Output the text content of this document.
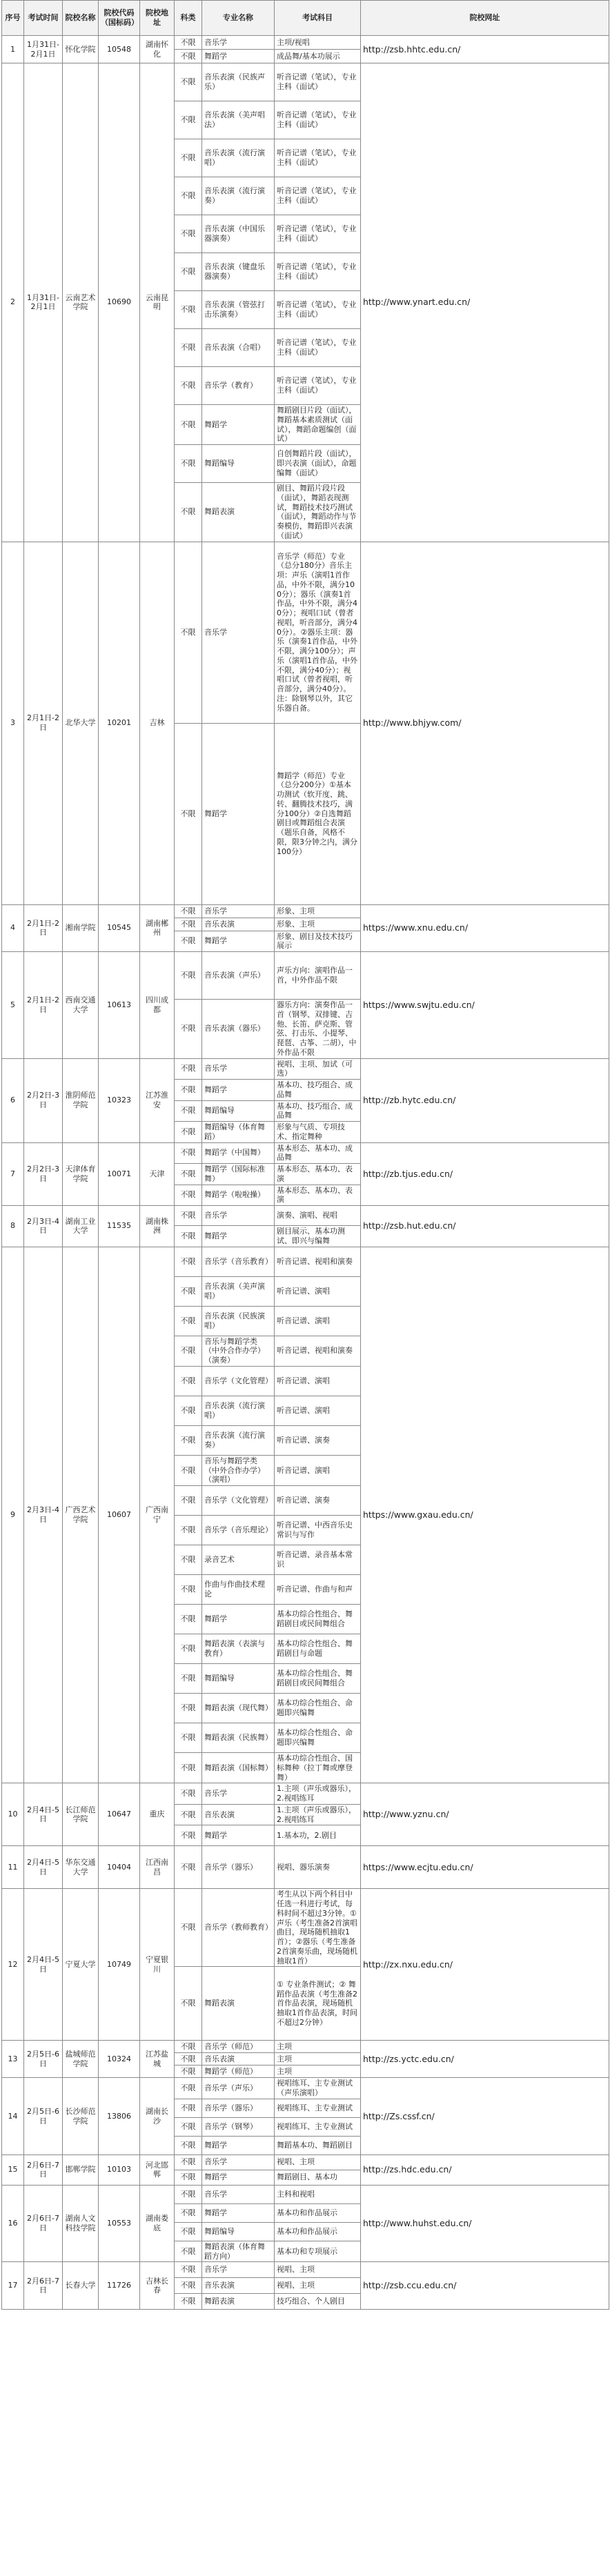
序号	考试时间	院校名称	院校代码（国标码）	院校地址	科类	专业名称	考试科目	院校网址
1	1月31日-2月1日	怀化学院	10548	湖南怀化	不限	音乐学	主项/视唱	http://zsb.hhtc.edu.cn/
					不限	舞蹈学	成品舞/基本功展示	
2	1月31日-2月1日	云南艺术学院	10690	云南昆明	不限	音乐表演（民族声乐）	听音记谱（笔试），专业主科（面试）	http://www.ynart.edu.cn/
					不限	音乐表演（美声唱法）	听音记谱（笔试），专业主科（面试）	
					不限	音乐表演（流行演唱）	听音记谱（笔试），专业主科（面试）	
					不限	音乐表演（流行演奏）	听音记谱（笔试），专业主科（面试）	
					不限	音乐表演（中国乐器演奏）	听音记谱（笔试），专业主科（面试）	
					不限	音乐表演（键盘乐器演奏）	听音记谱（笔试），专业主科（面试）	
					不限	音乐表演（管弦打击乐演奏）	听音记谱（笔试），专业主科（面试）	
					不限	音乐表演（合唱）	听音记谱（笔试），专业主科（面试）	
					不限	音乐学（教育）	听音记谱（笔试），专业主科（面试）	
					不限	舞蹈学	舞蹈剧目片段（面试），舞蹈基本素质测试（面试），舞蹈命题编创（面试）	
					不限	舞蹈编导	自创舞蹈片段（面试），即兴表演（面试），命题编舞（面试）	
					不限	舞蹈表演	剧目、舞蹈片段片段（面试），舞蹈表现测试，舞蹈技术技巧测试（面试），舞蹈动作与节奏模仿，舞蹈即兴表演（面试）	
3	2月1日-2日	北华大学	10201	吉林	不限	音乐学	音乐学（师范）专业（总分180分）音乐主项：声乐（演唱1首作品，中外不限，满分100分）；器乐（演奏1首作品，中外不限，满分40分）；视唱口试（曾者视唱，听音部分，满分40分）。②器乐主项：器乐（演奏1首作品，中外不限，满分100分）；声乐（演唱1首作品，中外不限，满分40分）；视唱口试（曾者视唱，听音部分，满分40分）。注：除钢琴以外，其它乐器自备。	http://www.bhjyw.com/
					不限	舞蹈学	舞蹈学（师范）专业（总分200分）①基本功测试（软开度、跳、转、翻腾技术技巧，满分100分）②自选舞蹈剧目或舞蹈组合表演（题乐自备，风格不限，限3分钟之内，满分100分）	
4	2月1日-2日	湘南学院	10545	湖南郴州	不限	音乐学	形象、主项	https://www.xnu.edu.cn/
					不限	音乐表演	形象、主项	
					不限	舞蹈学	形象、剧目及技术技巧展示	
5	2月1日-2日	西南交通大学	10613	四川成都	不限	音乐表演（声乐）	声乐方向：演唱作品一首，中外作品不限	https://www.swjtu.edu.cn/
					不限	音乐表演（器乐）	器乐方向：演奏作品一首（钢琴、双排键、吉他、长笛、萨克斯、管弦、打击乐、小提琴、琵琶、古筝、二胡），中外作品不限	
6	2月2日-3日	淮阴师范学院	10323	江苏淮安	不限	音乐学	视唱、主项、加试（可选）	http://zb.hytc.edu.cn/
					不限	舞蹈学	基本功、技巧组合、成品舞	
					不限	舞蹈编导	基本功、技巧组合、成品舞	
					不限	舞蹈编导（体育舞蹈）	形象与气质、专项技术、指定舞种	
7	2月2日-3日	天津体育学院	10071	天津	不限	舞蹈学（中国舞）	基本形态、基本功、成品舞	http://zb.tjus.edu.cn/
					不限	舞蹈学（国际标准舞）	基本形态、基本功、表演	
					不限	舞蹈学（啦啦操）	基本形态、基本功、表演	
8	2月3日-4日	湖南工业大学	11535	湖南株洲	不限	音乐学	演奏、演唱、视唱	http://zsb.hut.edu.cn/
					不限	舞蹈学	剧目展示、基本功测试、即兴与编舞	
9	2月3日-4日	广西艺术学院	10607	广西南宁	不限	音乐学（音乐教育）	听音记谱、视唱和演奏	https://www.gxau.edu.cn/
					不限	音乐表演（美声演唱）	听音记谱、演唱	
					不限	音乐表演（民族演唱）	听音记谱、演唱	
					不限	音乐与舞蹈学类（中外合作办学）（演奏）	听音记谱、视唱和演奏	
					不限	音乐学（文化管理）	听音记谱、演唱	
					不限	音乐表演（流行演唱）	听音记谱、演唱	
					不限	音乐表演（流行演奏）	听音记谱、演奏	
					不限	音乐与舞蹈学类（中外合作办学）（演唱）	听音记谱、演唱	
					不限	音乐学（文化管理）	听音记谱、演奏	
					不限	音乐学（音乐理论）	听音记谱、中西音乐史常识与写作	
					不限	录音艺术	听音记谱、录音基本常识	
					不限	作曲与作曲技术理论	听音记谱、作曲与和声	
					不限	舞蹈学	基本功综合性组合、舞蹈剧目或民间舞组合	
					不限	舞蹈表演（表演与教育）	基本功综合性组合、舞蹈剧目与命题	
					不限	舞蹈编导	基本功综合性组合、舞蹈剧目或民间舞组合	
					不限	舞蹈表演（现代舞）	基本功综合性组合、命题即兴编舞	
					不限	舞蹈表演（民族舞）	基本功综合性组合、命题即兴编舞	
					不限	舞蹈表演（国标舞）	基本功综合性组合、国标舞种（拉丁舞或摩登舞）	
10	2月4日-5日	长江师范学院	10647	重庆	不限	音乐学	1.主项（声乐或器乐），2.视唱练耳	http://www.yznu.cn/
					不限	音乐表演	1.主项（声乐或器乐），2.视唱练耳	
					不限	舞蹈学	1.基本功，2.剧目	
11	2月4日-5日	华东交通大学	10404	江西南昌	不限	音乐学（器乐）	视唱、器乐演奏	https://www.ecjtu.edu.cn/
12	2月4日-5日	宁夏大学	10749	宁夏银川	不限	音乐学（教师教育）	考生从以下两个科目中任选一科进行考试，每科时间不超过3分钟。①声乐（考生准备2首演唱曲目，现场随机抽取1首）；②器乐（考生准备2首演奏乐曲，现场随机抽取1首）	http://zx.nxu.edu.cn/
					不限	舞蹈表演	① 专业条件测试；② 舞蹈作品表演（考生准备2首作品表演，现场随机抽取1首作品表演，时间不超过2分钟）	
13	2月5日-6日	盐城师范学院	10324	江苏盐城	不限	音乐学（师范）	主项	http://zs.yctc.edu.cn/
					不限	音乐表演	主项	
					不限	舞蹈学（师范）	主项	
14	2月5日-6日	长沙师范学院	13806	湖南长沙	不限	音乐学（声乐）	视唱练耳、主专业测试（声乐演唱）	http://Zs.cssf.cn/
					不限	音乐学（器乐）	视唱练耳、主专业测试	
					不限	音乐学（钢琴）	视唱练耳、主专业测试	
					不限	舞蹈学	舞蹈基本功、舞蹈剧目	
15	2月6日-7日	邯郸学院	10103	河北邯郸	不限	音乐学	视唱、主项	http://zs.hdc.edu.cn/
					不限	舞蹈学	舞蹈剧目、基本功	
16	2月6日-7日	湖南人文科技学院	10553	湖南娄底	不限	音乐学	主科和视唱	http://www.huhst.edu.cn/
					不限	舞蹈学	基本功和作品展示	
					不限	舞蹈编导	基本功和作品展示	
					不限	舞蹈表演（体育舞蹈方向）	基本功和专项展示	
17	2月6日-7日	长春大学	11726	吉林长春	不限	音乐学	视唱、主项	http://zsb.ccu.edu.cn/
					不限	音乐表演	视唱、主项	
					不限	舞蹈表演	技巧组合、个人剧目	
